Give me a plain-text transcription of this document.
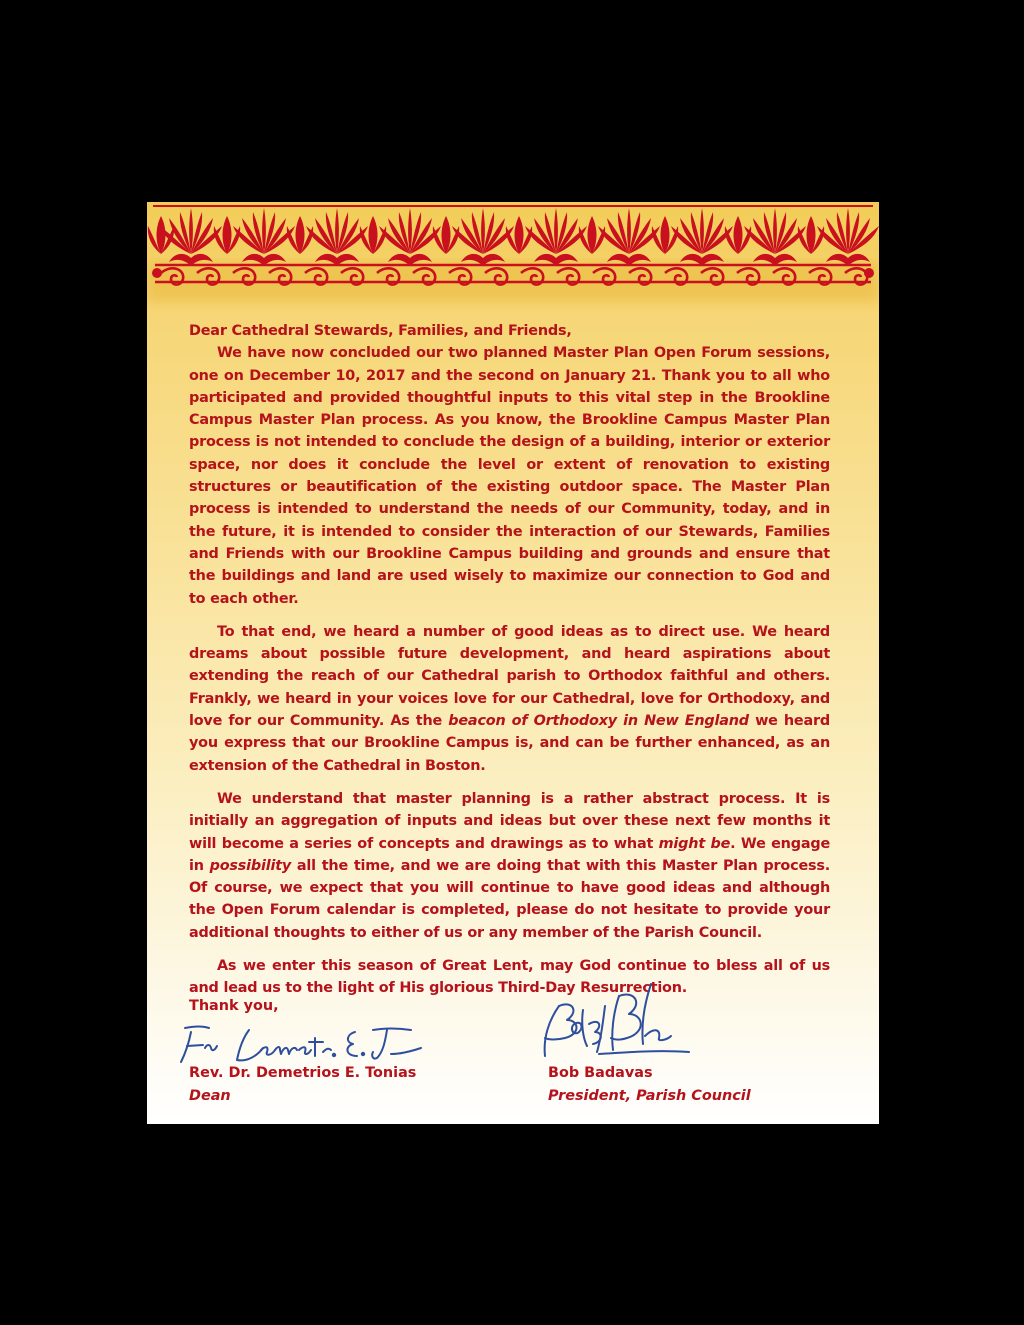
Dear Cathedral Stewards, Families, and Friends,

We have now concluded our two planned Master Plan Open Forum sessions, one on December 10, 2017 and the second on January 21. Thank you to all who participated and provided thoughtful inputs to this vital step in the Brookline Campus Master Plan process. As you know, the Brookline Campus Master Plan process is not intended to conclude the design of a building, interior or exterior space, nor does it conclude the level or extent of renovation to existing structures or beautification of the existing outdoor space. The Master Plan process is intended to understand the needs of our Community, today, and in the future, it is intended to consider the interaction of our Stewards, Families and Friends with our Brookline Campus building and grounds and ensure that the buildings and land are used wisely to maximize our connection to God and to each other.

To that end, we heard a number of good ideas as to direct use. We heard dreams about possible future development, and heard aspirations about extending the reach of our Cathedral parish to Orthodox faithful and others. Frankly, we heard in your voices love for our Cathedral, love for Orthodoxy, and love for our Community. As the beacon of Orthodoxy in New England we heard you express that our Brookline Campus is, and can be further enhanced, as an extension of the Cathedral in Boston.

We understand that master planning is a rather abstract process. It is initially an aggregation of inputs and ideas but over these next few months it will become a series of concepts and drawings as to what might be. We engage in possibility all the time, and we are doing that with this Master Plan process. Of course, we expect that you will continue to have good ideas and although the Open Forum calendar is completed, please do not hesitate to provide your additional thoughts to either of us or any member of the Parish Council.

As we enter this season of Great Lent, may God continue to bless all of us and lead us to the light of His glorious Third-Day Resurrection.

Thank you,
Rev. Dr. Demetrios E. Tonias
Dean
Bob Badavas
President, Parish Council
